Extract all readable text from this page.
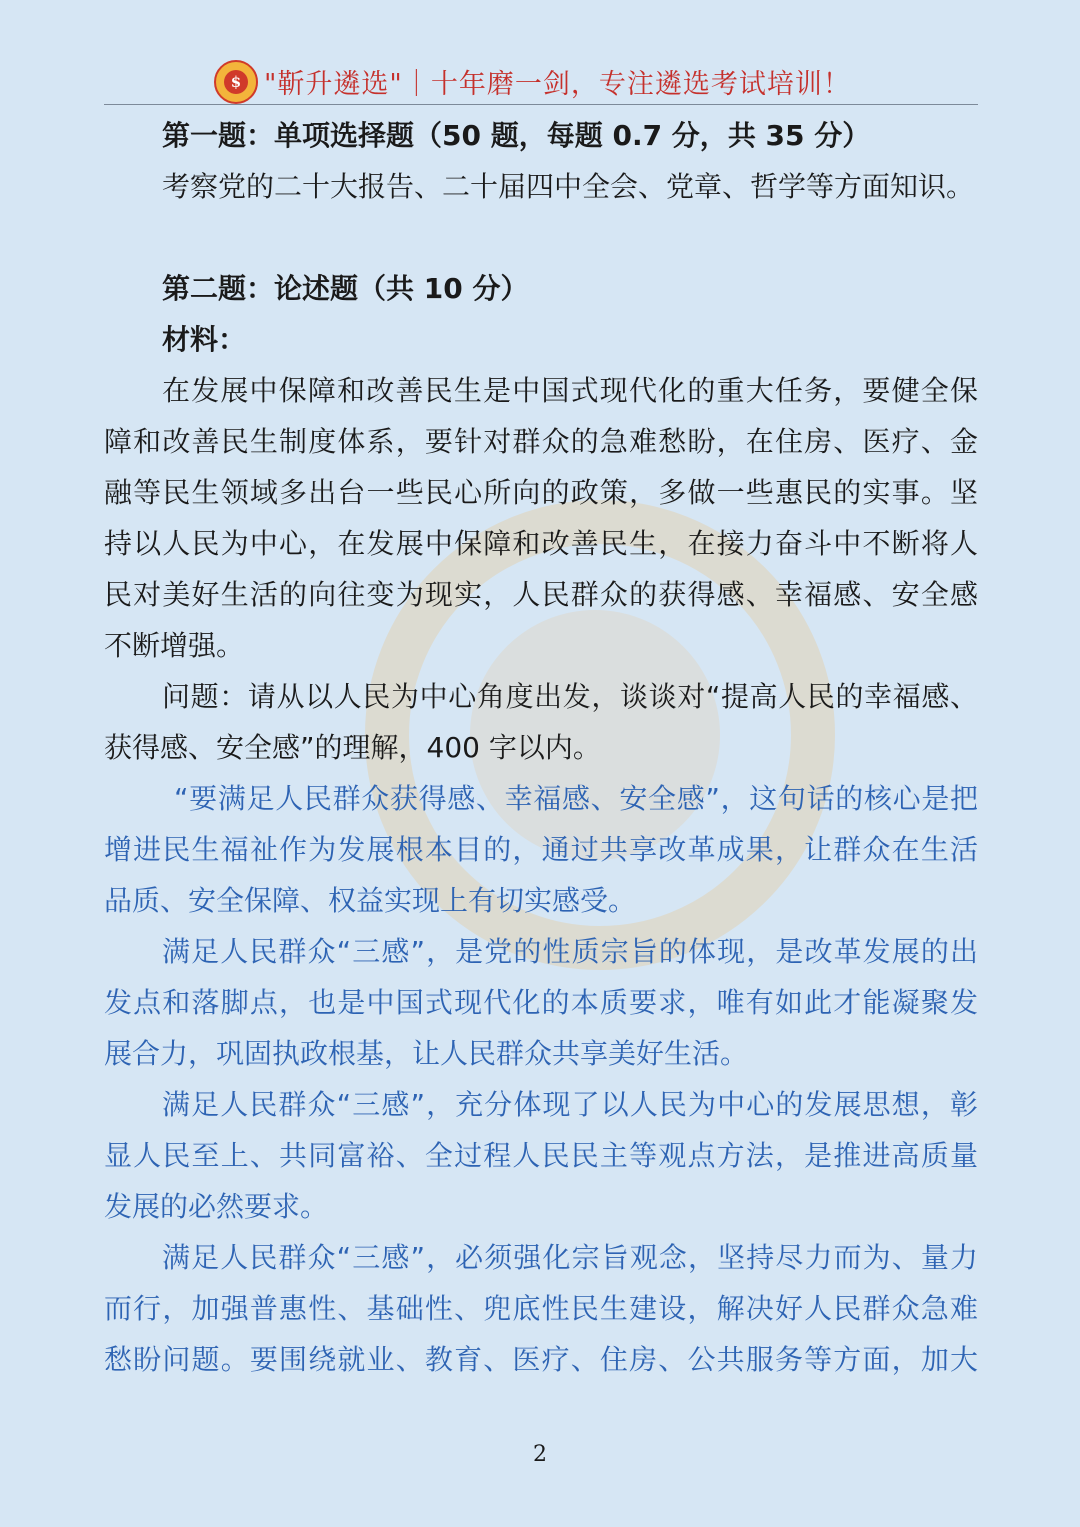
$ "靳升遴选"｜十年磨一剑，专注遴选考试培训！
第一题：单项选择题（50 题，每题 0.7 分，共 35 分）
考察党的二十大报告、二十届四中全会、党章、哲学等方面知识。
第二题：论述题（共 10 分）
材料：
在发展中保障和改善民生是中国式现代化的重大任务，要健全保
障和改善民生制度体系，要针对群众的急难愁盼，在住房、医疗、金
融等民生领域多出台一些民心所向的政策，多做一些惠民的实事。坚
持以人民为中心，在发展中保障和改善民生，在接力奋斗中不断将人
民对美好生活的向往变为现实，人民群众的获得感、幸福感、安全感
不断增强。
问题：请从以人民为中心角度出发，谈谈对“提高人民的幸福感、
获得感、安全感”的理解，400 字以内。
“要满足人民群众获得感、幸福感、安全感”，这句话的核心是把
增进民生福祉作为发展根本目的，通过共享改革成果，让群众在生活
品质、安全保障、权益实现上有切实感受。
满足人民群众“三感”，是党的性质宗旨的体现，是改革发展的出
发点和落脚点，也是中国式现代化的本质要求，唯有如此才能凝聚发
展合力，巩固执政根基，让人民群众共享美好生活。
满足人民群众“三感”，充分体现了以人民为中心的发展思想，彰
显人民至上、共同富裕、全过程人民民主等观点方法，是推进高质量
发展的必然要求。
满足人民群众“三感”，必须强化宗旨观念，坚持尽力而为、量力
而行，加强普惠性、基础性、兜底性民生建设，解决好人民群众急难
愁盼问题。要围绕就业、教育、医疗、住房、公共服务等方面，加大
2
